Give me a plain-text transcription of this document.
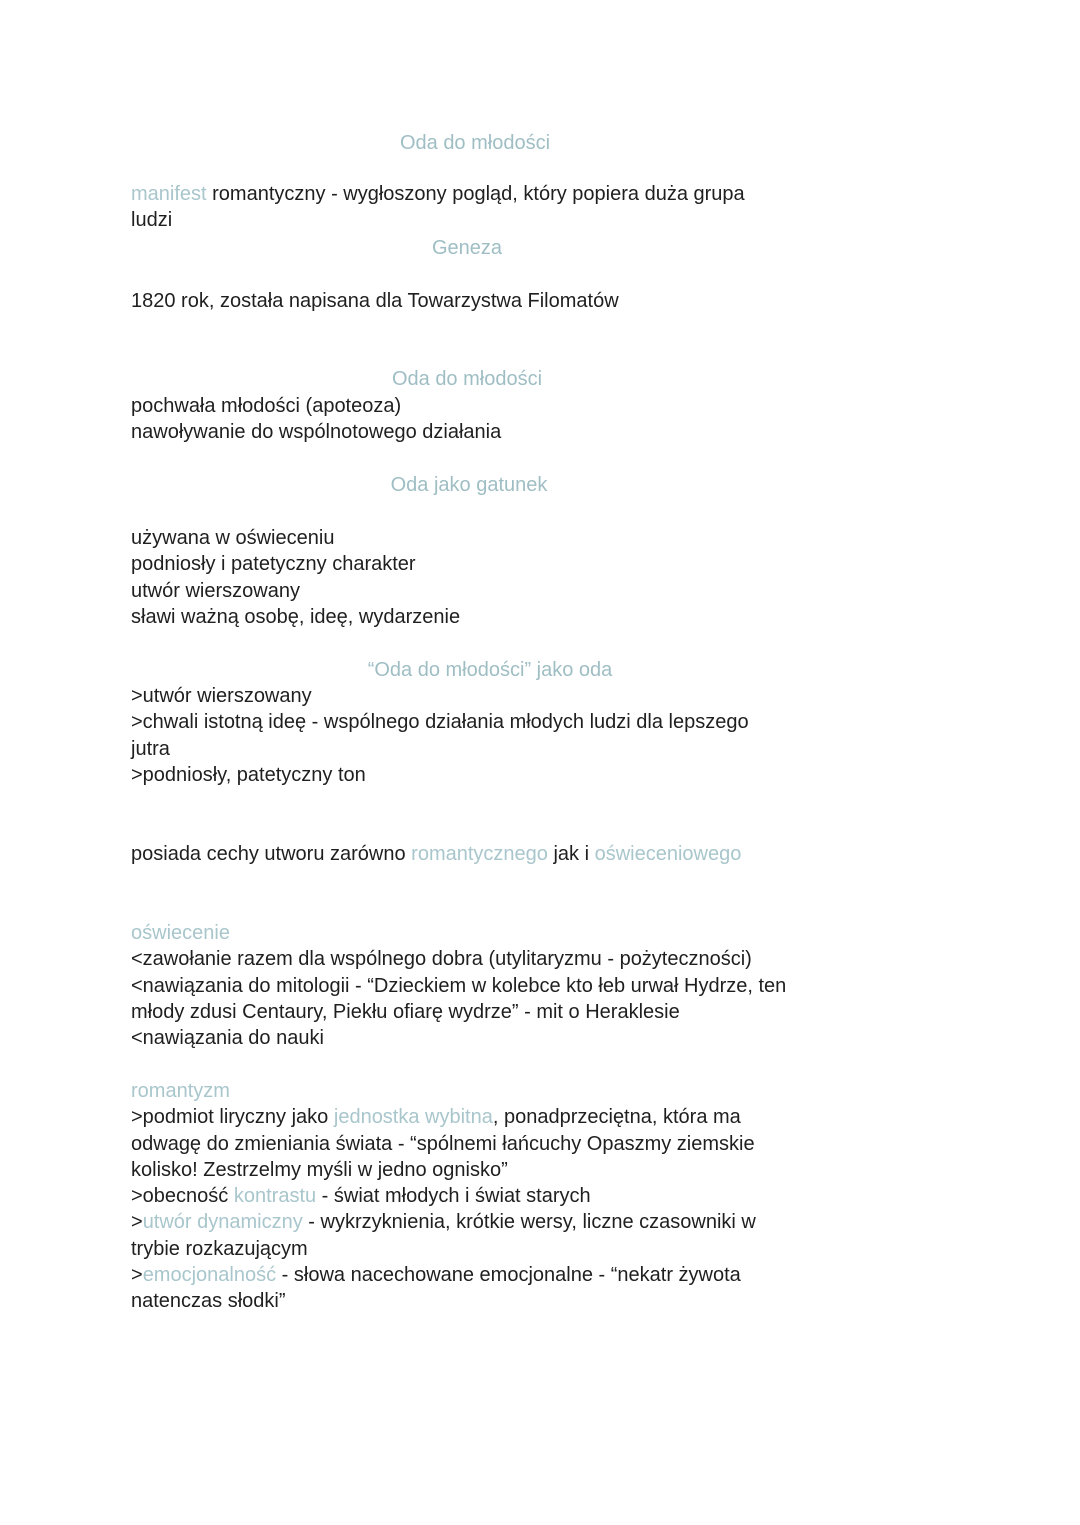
Oda do młodości

manifest romantyczny - wygłoszony pogląd, który popiera duża grupa
ludzi

Geneza

1820 rok, została napisana dla Towarzystwa Filomatów

Oda do młodości

pochwała młodości (apoteoza)
nawoływanie do wspólnotowego działania

Oda jako gatunek

używana w oświeceniu
podniosły i patetyczny charakter
utwór wierszowany
sławi ważną osobę, ideę, wydarzenie

“Oda do młodości” jako oda

>utwór wierszowany
>chwali istotną ideę - wspólnego działania młodych ludzi dla lepszego
jutra
>podniosły, patetyczny ton

posiada cechy utworu zarówno romantycznego jak i oświeceniowego

oświecenie
<zawołanie razem dla wspólnego dobra (utylitaryzmu - pożyteczności)
<nawiązania do mitologii - “Dzieckiem w kolebce kto łeb urwał Hydrze, ten
młody zdusi Centaury, Piekłu ofiarę wydrze” - mit o Heraklesie
<nawiązania do nauki

romantyzm
>podmiot liryczny jako jednostka wybitna, ponadprzeciętna, która ma
odwagę do zmieniania świata - “spólnemi łańcuchy Opaszmy ziemskie
kolisko! Zestrzelmy myśli w jedno ognisko”
>obecność kontrastu - świat młodych i świat starych
>utwór dynamiczny - wykrzyknienia, krótkie wersy, liczne czasowniki w
trybie rozkazującym
>emocjonalność - słowa nacechowane emocjonalne - “nekatr żywota
natenczas słodki”
